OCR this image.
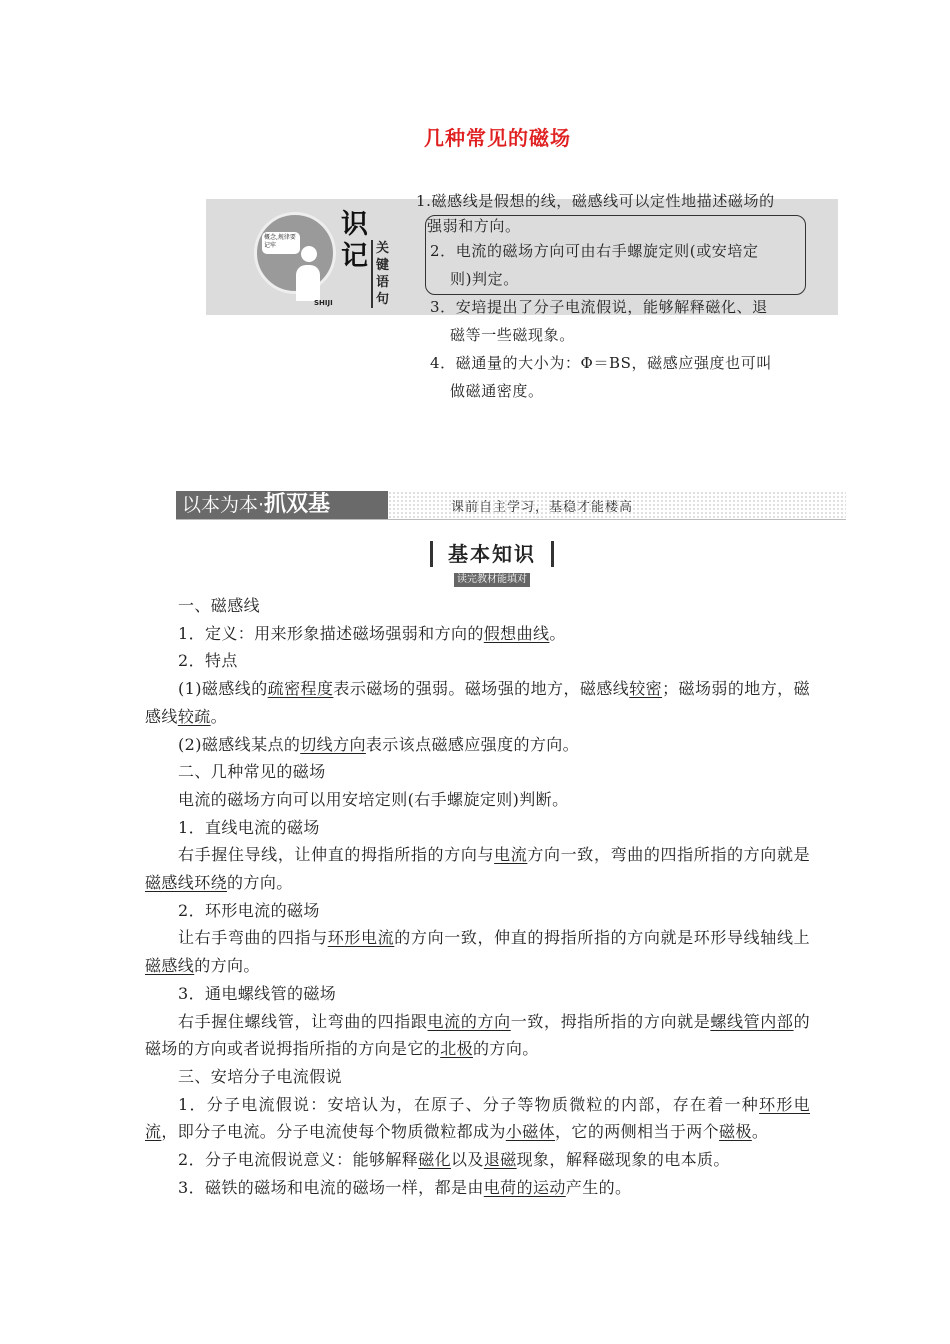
几种常见的磁场
概念,规律要记牢
SHIJI
识
记 关键语句
1.磁感线是假想的线，磁感线可以定性地描述磁场的
强弱和方向。
2．电流的磁场方向可由右手螺旋定则(或安培定
则)判定。
3．安培提出了分子电流假说，能够解释磁化、退
磁等一些磁现象。
4．磁通量的大小为：Φ＝BS，磁感应强度也可叫
做磁通密度。
以本为本·抓双基	课前自主学习，基稳才能楼高
基本知识
读完教材能填对

一、磁感线

1．定义：用来形象描述磁场强弱和方向的假想曲线。

2．特点

(1)磁感线的疏密程度表示磁场的强弱。磁场强的地方，磁感线较密；磁场弱的地方，磁感线较疏。

(2)磁感线某点的切线方向表示该点磁感应强度的方向。

二、几种常见的磁场

电流的磁场方向可以用安培定则(右手螺旋定则)判断。

1．直线电流的磁场

右手握住导线，让伸直的拇指所指的方向与电流方向一致，弯曲的四指所指的方向就是磁感线环绕的方向。

2．环形电流的磁场

让右手弯曲的四指与环形电流的方向一致，伸直的拇指所指的方向就是环形导线轴线上磁感线的方向。

3．通电螺线管的磁场

右手握住螺线管，让弯曲的四指跟电流的方向一致，拇指所指的方向就是螺线管内部的磁场的方向或者说拇指所指的方向是它的北极的方向。

三、安培分子电流假说

1．分子电流假说：安培认为，在原子、分子等物质微粒的内部，存在着一种环形电流，即分子电流。分子电流使每个物质微粒都成为小磁体，它的两侧相当于两个磁极。

2．分子电流假说意义：能够解释磁化以及退磁现象，解释磁现象的电本质。

3．磁铁的磁场和电流的磁场一样，都是由电荷的运动产生的。
